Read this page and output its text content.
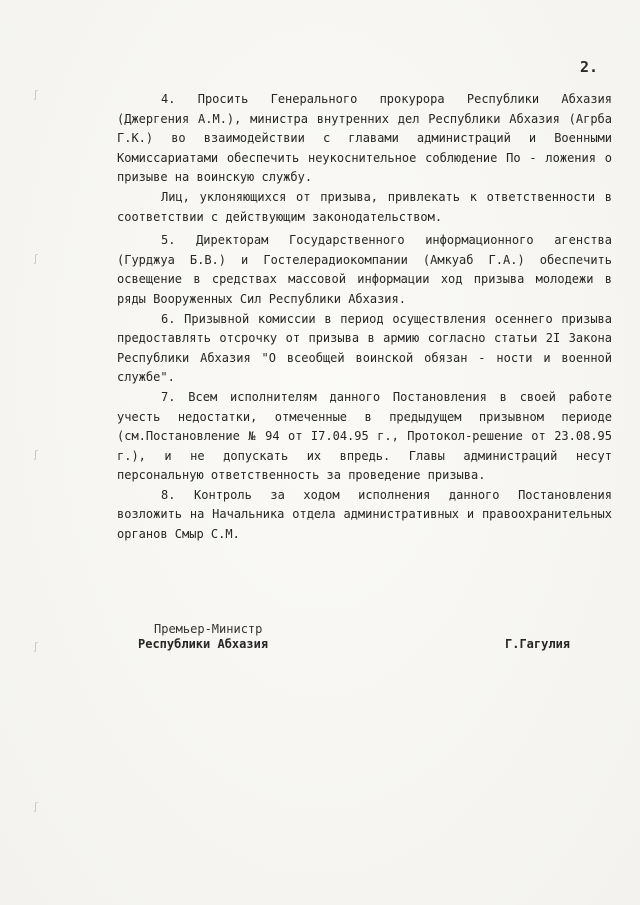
ʃ
ʃ
ʃ
ʃ
ʃ
2.

4. Просить Генерального прокурора Республики Абхазия (Джергения А.М.), министра внутренних дел Республики Абхазия (Агрба Г.К.) во взаимодействии с главами администраций и Военными Комиссариатами обеспечить неукоснительное соблюдение По - ложения о призыве на воинскую службу.

Лиц, уклоняющихся от призыва, привлекать к ответственности в соответствии с действующим законодательством.

5. Директорам Государственного информационного агенства (Гурджуа Б.В.) и Гостелерадиокомпании (Амкуаб Г.А.) обеспечить освещение в средствах массовой информации ход призыва молодежи в ряды Вооруженных Сил Республики Абхазия.

6. Призывной комиссии в период осуществления осеннего призыва предоставлять отсрочку от призыва в армию согласно статьи 2I Закона Республики Абхазия "О всеобщей воинской обязан - ности и военной службе".

7. Всем исполнителям данного Постановления в своей работе учесть недостатки, отмеченные в предыдущем призывном периоде (см.Постановление № 94 от I7.04.95 г., Протокол-решение от 23.08.95 г.), и не допускать их впредь. Главы администраций несут персональную ответственность за проведение призыва.

8. Контроль за ходом исполнения данного Постановления возложить на Начальника отдела административных и правоохранительных органов Смыр С.М.

Премьер-Министр
Республики Абхазия	Г.Гагулия
